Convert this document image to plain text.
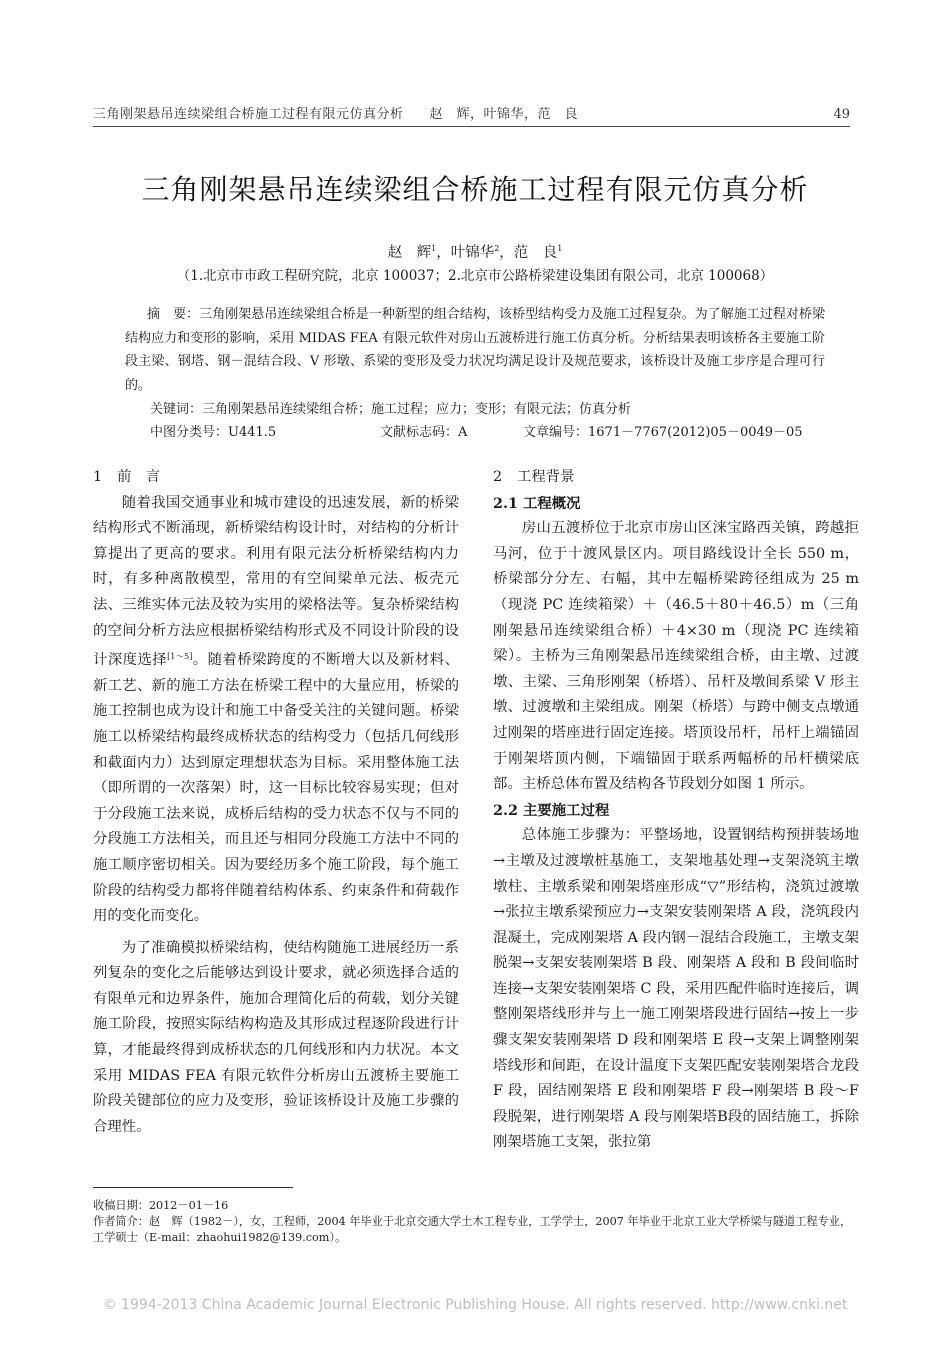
三角刚架悬吊连续梁组合桥施工过程有限元仿真分析 赵　辉，叶锦华，范　良	49
三角刚架悬吊连续梁组合桥施工过程有限元仿真分析
赵　辉$^1$，叶锦华$^2$，范　良$^1$
（1.北京市市政工程研究院，北京 100037；2.北京市公路桥梁建设集团有限公司，北京 100068）
摘　要：三角刚架悬吊连续梁组合桥是一种新型的组合结构，该桥型结构受力及施工过程复杂。为了解施工过程对桥梁结构应力和变形的影响，采用 MIDAS FEA 有限元软件对房山五渡桥进行施工仿真分析。分析结果表明该桥各主要施工阶段主梁、钢塔、钢－混结合段、V 形墩、系梁的变形及受力状况均满足设计及规范要求，该桥设计及施工步序是合理可行的。
关键词：三角刚架悬吊连续梁组合桥；施工过程；应力；变形；有限元法；仿真分析
中图分类号：U441.5	文献标志码：A	文章编号：1671－7767(2012)05－0049－05
1 前　言

随着我国交通事业和城市建设的迅速发展，新的桥梁结构形式不断涌现，新桥梁结构设计时，对结构的分析计算提出了更高的要求。利用有限元法分析桥梁结构内力时，有多种离散模型，常用的有空间梁单元法、板壳元法、三维实体元法及较为实用的梁格法等。复杂桥梁结构的空间分析方法应根据桥梁结构形式及不同设计阶段的设计深度选择[1～5]。随着桥梁跨度的不断增大以及新材料、新工艺、新的施工方法在桥梁工程中的大量应用，桥梁的施工控制也成为设计和施工中备受关注的关键问题。桥梁施工以桥梁结构最终成桥状态的结构受力（包括几何线形和截面内力）达到原定理想状态为目标。采用整体施工法（即所谓的一次落架）时，这一目标比较容易实现；但对于分段施工法来说，成桥后结构的受力状态不仅与不同的分段施工方法相关，而且还与相同分段施工方法中不同的施工顺序密切相关。因为要经历多个施工阶段，每个施工阶段的结构受力都将伴随着结构体系、约束条件和荷载作用的变化而变化。

为了准确模拟桥梁结构，使结构随施工进展经历一系列复杂的变化之后能够达到设计要求，就必须选择合适的有限单元和边界条件，施加合理简化后的荷载，划分关键施工阶段，按照实际结构构造及其形成过程逐阶段进行计算，才能最终得到成桥状态的几何线形和内力状况。本文采用 MIDAS FEA 有限元软件分析房山五渡桥主要施工阶段关键部位的应力及变形，验证该桥设计及施工步骤的合理性。

2 工程背景
2.1 工程概况

房山五渡桥位于北京市房山区涞宝路西关镇，跨越拒马河，位于十渡风景区内。项目路线设计全长 550 m，桥梁部分分左、右幅，其中左幅桥梁跨径组成为 25 m（现浇 PC 连续箱梁）＋（46.5＋80＋46.5）m（三角刚架悬吊连续梁组合桥）＋4×30 m（现浇 PC 连续箱梁）。主桥为三角刚架悬吊连续梁组合桥，由主墩、过渡墩、主梁、三角形刚架（桥塔）、吊杆及墩间系梁 V 形主墩、过渡墩和主梁组成。刚架（桥塔）与跨中侧支点墩通过刚架的塔座进行固定连接。塔顶设吊杆，吊杆上端锚固于刚架塔顶内侧，下端锚固于联系两幅桥的吊杆横梁底部。主桥总体布置及结构各节段划分如图 1 所示。

2.2 主要施工过程

总体施工步骤为：平整场地，设置钢结构预拼装场地→主墩及过渡墩桩基施工，支架地基处理→支架浇筑主墩墩柱、主墩系梁和刚架塔座形成“▽”形结构，浇筑过渡墩→张拉主墩系梁预应力→支架安装刚架塔 A 段，浇筑段内混凝土，完成刚架塔 A 段内钢－混结合段施工，主墩支架脱架→支架安装刚架塔 B 段、刚架塔 A 段和 B 段间临时连接→支架安装刚架塔 C 段，采用匹配件临时连接后，调整刚架塔线形并与上一施工刚架塔段进行固结→按上一步骤支架安装刚架塔 D 段和刚架塔 E 段→支架上调整刚架塔线形和间距，在设计温度下支架匹配安装刚架塔合龙段 F 段，固结刚架塔 E 段和刚架塔 F 段→刚架塔 B 段～F 段脱架，进行刚架塔 A 段与刚架塔B段的固结施工，拆除刚架塔施工支架，张拉第

收稿日期：2012－01－16

作者简介：赵　辉（1982－），女，工程师，2004 年毕业于北京交通大学土木工程专业，工学学士，2007 年毕业于北京工业大学桥梁与隧道工程专业，工学硕士（E-mail：zhaohui1982@139.com）。

© 1994-2013 China Academic Journal Electronic Publishing House. All rights reserved. http://www.cnki.net
